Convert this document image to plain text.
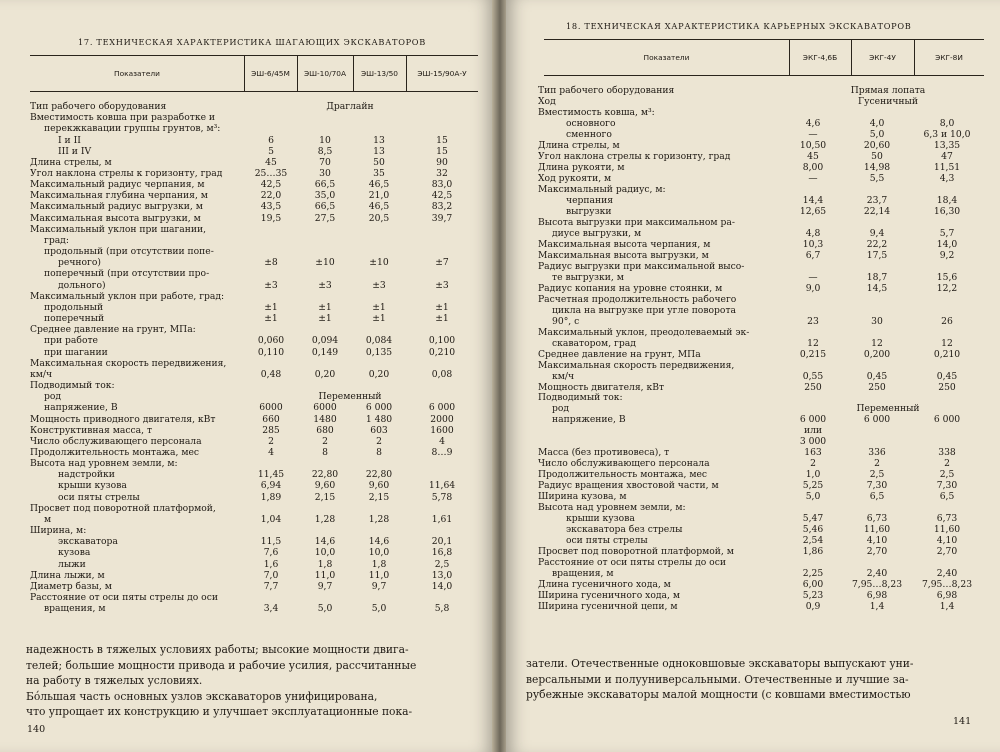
17. ТЕХНИЧЕСКАЯ ХАРАКТЕРИСТИКА ШАГАЮЩИХ ЭКСКАВАТОРОВ
Показатели	ЭШ-6/45М	ЭШ-10/70А	ЭШ-13/50	ЭШ-15/90А-У
Тип рабочего оборудования	Драглайн
Вместимость ковша при разработке и
перекжкавации группы грунтов, м³:
I и II	6	10	13	15
III и IV	5	8,5	13	15
Длина стрелы, м	45	70	50	90
Угол наклона стрелы к горизонту, град	25…35	30	35	32
Максимальный радиус черпания, м	42,5	66,5	46,5	83,0
Максимальная глубина черпания, м	22,0	35,0	21,0	42,5
Максимальный радиус выгрузки, м	43,5	66,5	46,5	83,2
Максимальная высота выгрузки, м	19,5	27,5	20,5	39,7
Максимальный уклон при шагании,
град:
продольный (при отсутствии попе-
речного)	±8	±10	±10	±7
поперечный (при отсутствии про-
дольного)	±3	±3	±3	±3
Максимальный уклон при работе, град:
продольный	±1	±1	±1	±1
поперечный	±1	±1	±1	±1
Среднее давление на грунт, МПа:
при работе	0,060	0,094	0,084	0,100
при шагании	0,110	0,149	0,135	0,210
Максимальная скорость передвижения,
км/ч	0,48	0,20	0,20	0,08
Подводимый ток:
род	Переменный
напряжение, В	6000	6000	6 000	6 000
Мощность приводного двигателя, кВт	660	1480	1 480	2000
Конструктивная масса, т	285	680	603	1600
Число обслуживающего персонала	2	2	2	4
Продолжительность монтажа, мес	4	8	8	8…9
Высота над уровнем земли, м:
надстройки	11,45	22,80	22,80
крыши кузова	6,94	9,60	9,60	11,64
оси пяты стрелы	1,89	2,15	2,15	5,78
Просвет под поворотной платформой,
м	1,04	1,28	1,28	1,61
Ширина, м:
экскаватора	11,5	14,6	14,6	20,1
кузова	7,6	10,0	10,0	16,8
лыжи	1,6	1,8	1,8	2,5
Длина лыжи, м	7,0	11,0	11,0	13,0
Диаметр базы, м	7,7	9,7	9,7	14,0
Расстояние от оси пяты стрелы до оси
вращения, м	3,4	5,0	5,0	5,8
надежность в тяжелых условиях работы; высокие мощности двига-
телей; большие мощности привода и рабочие усилия, рассчитанные
на работу в тяжелых условиях.
Бóльшая часть основных узлов экскаваторов унифицирована,
что упрощает их конструкцию и улучшает эксплуатационные пока-
140
18. ТЕХНИЧЕСКАЯ ХАРАКТЕРИСТИКА КАРЬЕРНЫХ ЭКСКАВАТОРОВ
Показатели	ЭКГ-4,6Б	ЭКГ-4У	ЭКГ-8И
Тип рабочего оборудования	Прямая лопата
Ход	Гусеничный
Вместимость ковша, м³:
основного	4,6	4,0	8,0
сменного	—	5,0	6,3 и 10,0
Длина стрелы, м	10,50	20,60	13,35
Угол наклона стрелы к горизонту, град	45	50	47
Длина рукояти, м	8,00	14,98	11,51
Ход рукояти, м	—	5,5	4,3
Максимальный радиус, м:
черпания	14,4	23,7	18,4
выгрузки	12,65	22,14	16,30
Высота выгрузки при максимальном ра-
диусе выгрузки, м	4,8	9,4	5,7
Максимальная высота черпания, м	10,3	22,2	14,0
Максимальная высота выгрузки, м	6,7	17,5	9,2
Радиус выгрузки при максимальной высо-
те выгрузки, м	—	18,7	15,6
Радиус копания на уровне стоянки, м	9,0	14,5	12,2
Расчетная продолжительность рабочего
цикла на выгрузке при угле поворота
90°, с	23	30	26
Максимальный уклон, преодолеваемый эк-
скаватором, град	12	12	12
Среднее давление на грунт, МПа	0,215	0,200	0,210
Максимальная скорость передвижения,
км/ч	0,55	0,45	0,45
Мощность двигателя, кВт	250	250	250
Подводимый ток:
род	Переменный
напряжение, В	6 000	6 000	6 000
или
3 000
Масса (без противовеса), т	163	336	338
Число обслуживающего персонала	2	2	2
Продолжительность монтажа, мес	1,0	2,5	2,5
Радиус вращения хвостовой части, м	5,25	7,30	7,30
Ширина кузова, м	5,0	6,5	6,5
Высота над уровнем земли, м:
крыши кузова	5,47	6,73	6,73
экскаватора без стрелы	5,46	11,60	11,60
оси пяты стрелы	2,54	4,10	4,10
Просвет под поворотной платформой, м	1,86	2,70	2,70
Расстояние от оси пяты стрелы до оси
вращения, м	2,25	2,40	2,40
Длина гусеничного хода, м	6,00	7,95…8,23	7,95…8,23
Ширина гусеничного хода, м	5,23	6,98	6,98
Ширина гусеничной цепи, м	0,9	1,4	1,4
затели. Отечественные одноковшовые экскаваторы выпускают уни-
версальными и полууниверсальными. Отечественные и лучшие за-
рубежные экскаваторы малой мощности (с ковшами вместимостью
141
